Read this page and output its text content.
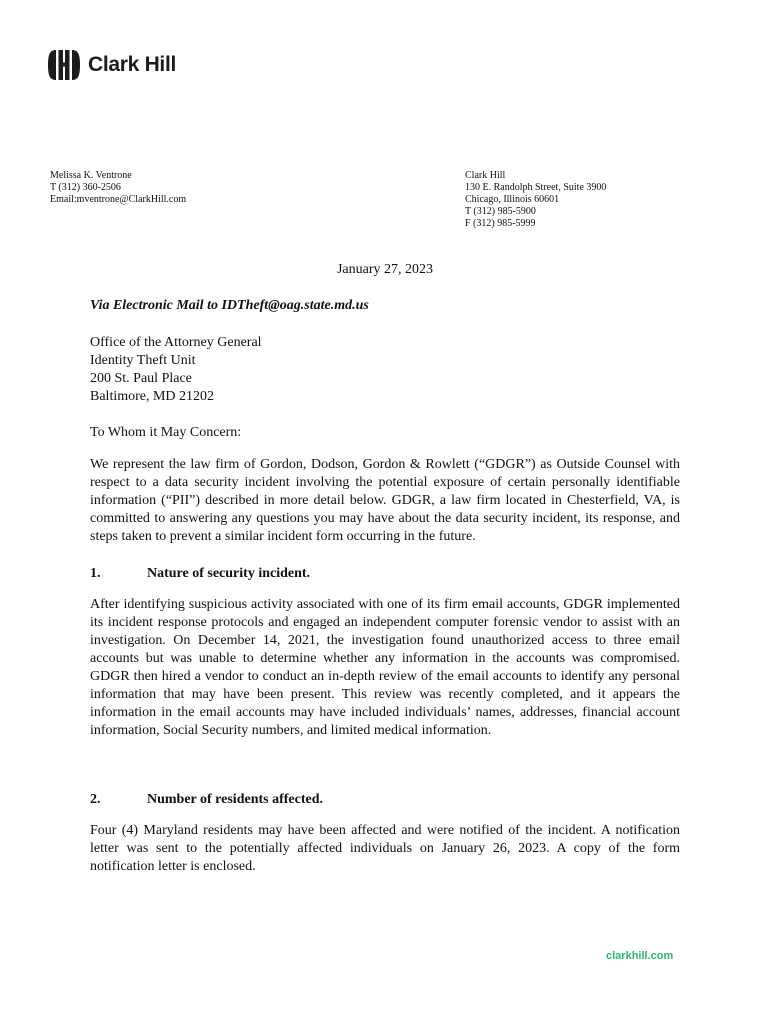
Clark Hill
Melissa K. Ventrone
T (312) 360-2506
Email:mventrone@ClarkHill.com
Clark Hill
130 E. Randolph Street, Suite 3900
Chicago, Illinois 60601
T (312) 985-5900
F (312) 985-5999
January 27, 2023
Via Electronic Mail to IDTheft@oag.state.md.us
Office of the Attorney General
Identity Theft Unit
200 St. Paul Place
Baltimore, MD 21202
To Whom it May Concern:
We represent the law firm of Gordon, Dodson, Gordon & Rowlett (“GDGR”) as Outside Counsel with respect to a data security incident involving the potential exposure of certain personally identifiable information (“PII”) described in more detail below. GDGR, a law firm located in Chesterfield, VA, is committed to answering any questions you may have about the data security incident, its response, and steps taken to prevent a similar incident form occurring in the future.
1.	Nature of security incident.
After identifying suspicious activity associated with one of its firm email accounts, GDGR implemented its incident response protocols and engaged an independent computer forensic vendor to assist with an investigation. On December 14, 2021, the investigation found unauthorized access to three email accounts but was unable to determine whether any information in the accounts was compromised. GDGR then hired a vendor to conduct an in-depth review of the email accounts to identify any personal information that may have been present. This review was recently completed, and it appears the information in the email accounts may have included individuals’ names, addresses, financial account information, Social Security numbers, and limited medical information.
2.	Number of residents affected.
Four (4) Maryland residents may have been affected and were notified of the incident. A notification letter was sent to the potentially affected individuals on January 26, 2023. A copy of the form notification letter is enclosed.
clarkhill.com
